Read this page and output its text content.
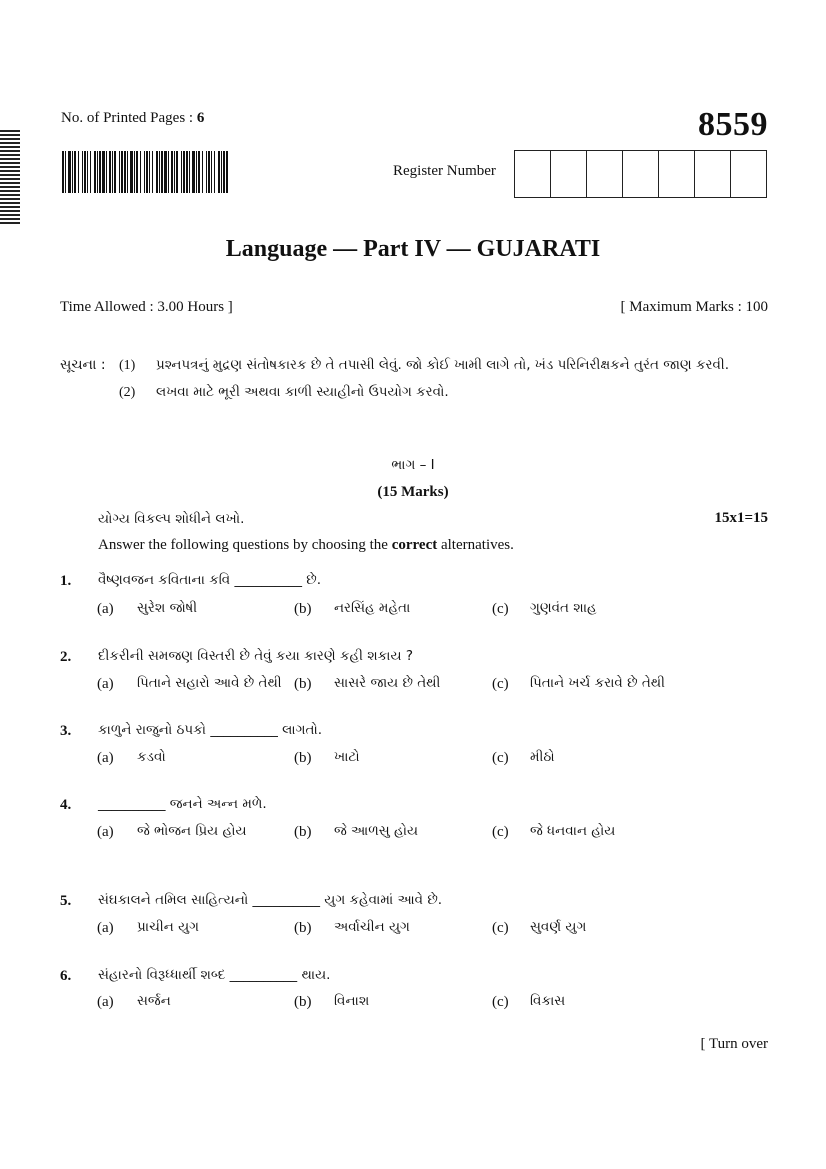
No. of Printed Pages : 6	8559
Register Number
Language — Part IV — GUJARATI
Time Allowed : 3.00 Hours ]	[ Maximum Marks : 100
સૂચના : (1) પ્રશ્નપત્રનું મુદ્રણ સંતોષકારક છે તે તપાસી લેવું. જો કોઈ ખામી લાગે તો, ખંડ પરિનિરીક્ષકને તુરંત જાણ કરવી.
(2) લખવા માટે ભૂરી અથવા કાળી સ્યાહીનો ઉપયોગ કરવો.
ભાગ – I
(15 Marks)
યોગ્ય વિકલ્પ શોધીને લખો.	15x1=15
Answer the following questions by choosing the correct alternatives.
1. વૈષ્ણવજન કવિતાના કવિ __________ છે.
(a) સુરેશ જોષી	(b) નરસિંહ મહેતા	(c) ગુણવંત શાહ
2. દીકરીની સમજણ વિસ્તરી છે તેવું કયા કારણે કહી શકાય ?
(a) પિતાને સહારો આવે છે તેથી (b) સાસરે જાય છે તેથી	(c) પિતાને ખર્ચ કરાવે છે તેથી
3. કાળુને રાજુનો ઠપકો __________ લાગતો.
(a) કડવો	(b) ખાટો	(c) મીઠો
4. __________ જનને અન્ન મળે.
(a) જે ભોજન પ્રિય હોય	(b) જે આળસુ હોય	(c) જે ધનવાન હોય
5. સંઘકાલને તમિલ સાહિત્યનો __________ યુગ કહેવામાં આવે છે.
(a) પ્રાચીન યુગ	(b) અર્વાચીન યુગ	(c) સુવર્ણ યુગ
6. સંહારનો વિરૂધ્ધાર્થી શબ્દ __________ થાય.
(a) સર્જન	(b) વિનાશ	(c) વિકાસ
[ Turn over
